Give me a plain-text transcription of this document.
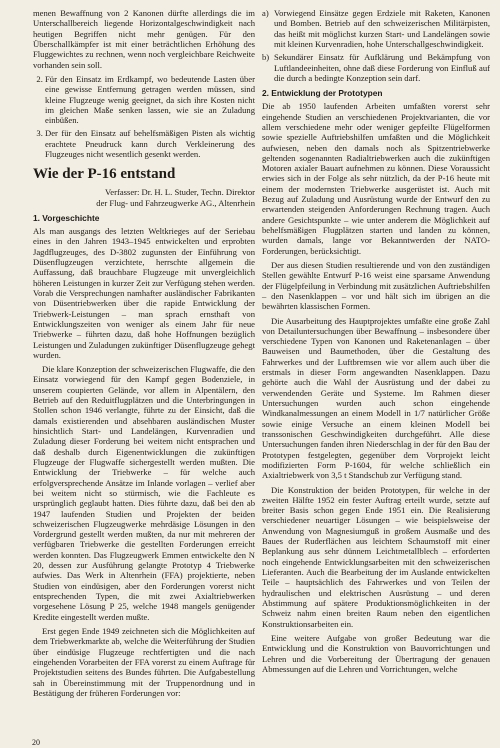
menen Bewaffnung von 2 Kanonen dürfte allerdings die im Unterschallbereich liegende Horizontalgeschwindigkeit nach heutigen Begriffen nicht mehr genügen. Für den Überschallkämpfer ist mit einer beträchtlichen Erhöhung des Fluggewichtes zu rechnen, wenn noch vergleichbare Reichweite vorhanden sein soll.

2. Für den Einsatz im Erdkampf, wo bedeutende Lasten über eine gewisse Entfernung getragen werden müssen, sind kleine Flugzeuge wenig geeignet, da sich ihre Kosten nicht im gleichen Maße senken lassen, wie sie an Zuladung einbüßen.
3. Der für den Einsatz auf behelfsmäßigen Pisten als wichtig erachtete Pneudruck kann durch Verkleinerung des Flugzeuges nicht wesentlich gesenkt werden.
Wie der P-16 entstand
Verfasser: Dr. H. L. Studer, Techn. Direktor
der Flug- und Fahrzeugwerke AG., Altenrhein
1. Vorgeschichte

Als man ausgangs des letzten Weltkrieges auf der Seriebau eines in den Jahren 1943–1945 entwickelten und erprobten Jagdflugzeuges, des D-3802 zugunsten der Einführung von Düsenflugzeugen verzichtete, herrschte allgemein die Auffassung, daß brauchbare Flugzeuge mit unvergleichlich höheren Leistungen in kurzer Zeit zur Verfügung stehen werden. Vorab die Versprechungen namhafter ausländischer Fabrikanten von Düsentriebwerken über die rapide Entwicklung der Triebwerk-Leistungen – man sprach ernsthaft von Entwicklungszeiten von weniger als einem Jahr für neue Triebwerke – führten dazu, daß hohe Hoffnungen bezüglich Leistungen und Zuladungen zukünftiger Düsenflugzeuge gehegt wurden.

Die klare Konzeption der schweizerischen Flugwaffe, die den Einsatz vorwiegend für den Kampf gegen Bodenziele, in unserem coupierten Gelände, vor allem in Alpentälern, den Betrieb auf den Reduitflugplätzen und die Unterbringungen in Stollen schon 1946 verlangte, führte zu der Einsicht, daß die damals existierenden und absehbaren ausländischen Muster hinsichtlich Start- und Landelängen, Kurvenradien und Zuladung dieser Forderung bei weitem nicht entsprachen und daß deshalb durch Eigenentwicklungen die zukünftigen Flugzeuge der Flugwaffe sichergestellt werden mußten. Die Entwicklung der Triebwerke – für welche auch erfolgversprechende Ansätze im Inlande vorlagen – verlief aber bei weitem nicht so stürmisch, wie die Fachleute es ursprünglich geglaubt hatten. Dies führte dazu, daß bei den ab 1947 laufenden Studien und Projekten der beiden schweizerischen Flugzeugwerke mehrdäsige Lösungen in den Vordergrund gestellt werden mußten, da nur mit mehreren der verfügbaren Triebwerke die gestellten Forderungen erreicht werden konnten. Das Flugzeugwerk Emmen entwickelte den N 20, dessen zur Ausführung gelangte Prototyp 4 Triebwerke aufwies. Das Werk in Altenrhein (FFA) projektierte, neben Studien von eindüsigen, aber den Forderungen vorerst nicht entsprechenden Typen, die mit zwei Axialtriebwerken vorgesehene Lösung P 25, welche 1948 mangels genügender Kredite eingestellt werden mußte.

Erst gegen Ende 1949 zeichneten sich die Möglichkeiten auf dem Triebwerkmarkte ab, welche die Weiterführung der Studien über eindüsige Flugzeuge rechtfertigten und die nach eingehenden Vorarbeiten der FFA vorerst zu einem Auftrage für Projektstudien seitens des Bundes führten. Die Aufgabestellung sah in Übereinstimmung mit der Truppenordnung und in Bestätigung der früheren Forderungen vor:

a) Vorwiegend Einsätze gegen Erdziele mit Raketen, Kanonen und Bomben. Betrieb auf den schweizerischen Militärpisten, das heißt mit möglichst kurzen Start- und Landelängen sowie mit kleinen Kurvenradien, hohe Unterschallgeschwindigkeit.
b) Sekundärer Einsatz für Aufklärung und Bekämpfung von Luftlandeeinheiten, ohne daß diese Forderung von Einfluß auf die durch a bedingte Konzeption sein darf.
2. Entwicklung der Prototypen

Die ab 1950 laufenden Arbeiten umfaßten vorerst sehr eingehende Studien an verschiedenen Projektvarianten, die vor allem verschiedene mehr oder weniger gepfeilte Flügelformen sowie spezielle Auftriebshilfen umfaßten und die Möglichkeit aufwiesen, neben den damals noch als Spitzentriebwerke geltenden sogenannten Radialtriebwerken auch die zukünftigen Motoren axialer Bauart aufnehmen zu können. Diese Voraussicht erwies sich in der Folge als sehr nützlich, da der P-16 heute mit einem der modernsten Triebwerke ausgerüstet ist. Auch mit Bezug auf Zuladung und Ausrüstung wurde der Entwurf den zu erwartenden steigenden Anforderungen Rechnung tragen. Auch andere Gesichtspunkte – wie unter anderem die Möglichkeit auf behelfsmäßigen Flugplätzen starten und landen zu können, wurden damals, lange vor Bekanntwerden der NATO-Forderungen, berücksichtigt.

Der aus diesen Studien resultierende und von den zuständigen Stellen gewählte Entwurf P-16 weist eine sparsame Anwendung der Flügelpfeilung in Verbindung mit zusätzlichen Auftriebshilfen – den Nasenklappen – vor und hält sich im übrigen an die bewährten klassischen Formen.

Die Ausarbeitung des Hauptprojektes umfaßte eine große Zahl von Detailuntersuchungen über Bewaffnung – insbesondere über verschiedene Typen von Kanonen und Raketenanlagen – über Bauweisen und Baumethoden, über die Gestaltung des Fahrwerkes und der Luftbremsen wie vor allem auch über die erstmals in dieser Form angewandten Nasenklappen. Dazu gehörte auch die Wahl der Ausrüstung und der dabei zu verwendenden Geräte und Systeme. Im Rahmen dieser Untersuchungen wurden auch schon eingehende Windkanalmessungen an einem Modell in 1/7 natürlicher Größe sowie einige Versuche an einem kleinen Modell bei transsonischen Geschwindigkeiten durchgeführt. Alle diese Untersuchungen fanden ihren Niederschlag in der für den Bau der Prototypen festgelegten, gegenüber dem Vorprojekt leicht modifizierten Form P-1604, für welche schließlich ein Axialtriebwerk von 3,5 t Standschub zur Verfügung stand.

Die Konstruktion der beiden Prototypen, für welche in der zweiten Hälfte 1952 ein fester Auftrag erteilt wurde, setzte auf breiter Basis schon gegen Ende 1951 ein. Die Realisierung verschiedener neuartiger Lösungen – wie beispielsweise der Anwendung von Magnesiumguß in großem Ausmaße und des Baues der Ruderflächen aus leichtem Schaumstoff mit einer Beplankung aus sehr dünnem Leichtmetallblech – erforderten noch eingehende Entwicklungsarbeiten mit den schweizerischen Lieferanten. Auch die Bearbeitung der im Auslande entwickelten Teile – hauptsächlich des Fahrwerkes und von Teilen der hydraulischen und elektrischen Ausrüstung – und deren Abstimmung auf spätere Produktionsmöglichkeiten in der Schweiz nahm einen breiten Raum neben den eigentlichen Konstruktionsarbeiten ein.

Eine weitere Aufgabe von großer Bedeutung war die Entwicklung und die Konstruktion von Bauvorrichtungen und Lehren und die Vorbereitung der Übertragung der genauen Abmessungen auf die Lehren und Vorrichtungen, welche

20
